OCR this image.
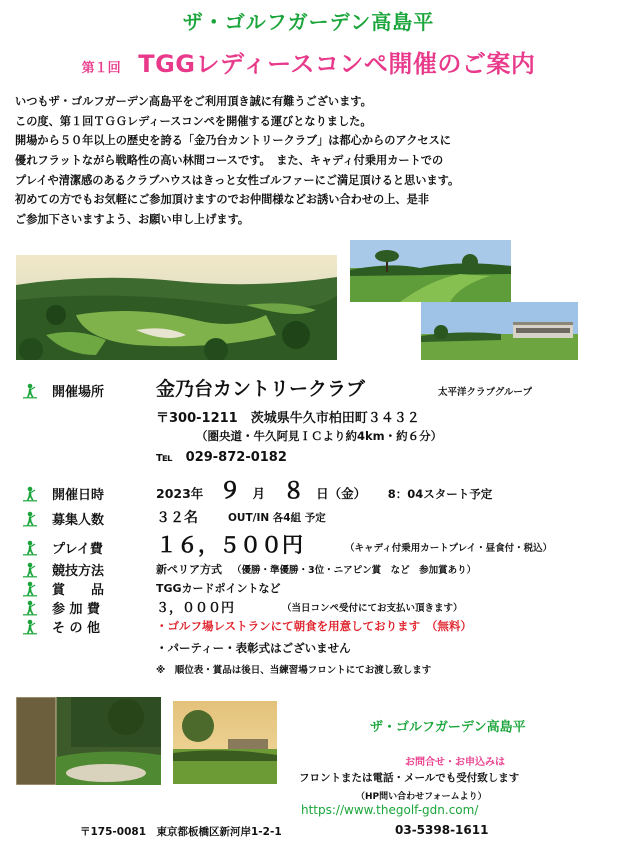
ザ・ゴルフガーデン高島平
第１回 TGGレディースコンペ開催のご案内
いつもザ・ゴルフガーデン高島平をご利用頂き誠に有難うございます。
この度、第１回ＴＧＧレディースコンペを開催する運びとなりました。
開場から５０年以上の歴史を誇る「金乃台カントリークラブ」は都心からのアクセスに
優れフラットながら戦略性の高い林間コースです。　また、キャディ付乗用カートでの
プレイや清潔感のあるクラブハウスはきっと女性ゴルファーにご満足頂けると思います。
初めての方でもお気軽にご参加頂けますのでお仲間様などお誘い合わせの上、是非
ご参加下さいますよう、お願い申し上げます。
開催場所	金乃台カントリークラブ	太平洋クラブグループ
〒300-1211　茨城県牛久市柏田町３４３２
（圏央道・牛久阿見ＩＣより約4km・約６分）
℡　029-872-0182
開催日時	2023年 ９ 月 ８ 日（金） 8：04スタート予定
募集人数	３２名	OUT/IN 各4組 予定
プレイ費	１６，５００円	（キャディ付乗用カートプレイ・昼食付・税込）
競技方法	新ペリア方式 （優勝・準優勝・3位・ニアピン賞　など　参加賞あり）
賞　　品	TGGカードポイントなど
参 加 費	３，０００円	（当日コンペ受付にてお支払い頂きます）
そ の 他	・ゴルフ場レストランにて朝食を用意しております　（無料）
・パーティー・表彰式はございません
※　順位表・賞品は後日、当練習場フロントにてお渡し致します
ザ・ゴルフガーデン高島平
お問合せ・お申込みは
フロントまたは電話・メールでも受付致します
（HP問い合わせフォームより）
https://www.thegolf-gdn.com/
〒175-0081　東京都板橋区新河岸1-2-1	03-5398-1611
